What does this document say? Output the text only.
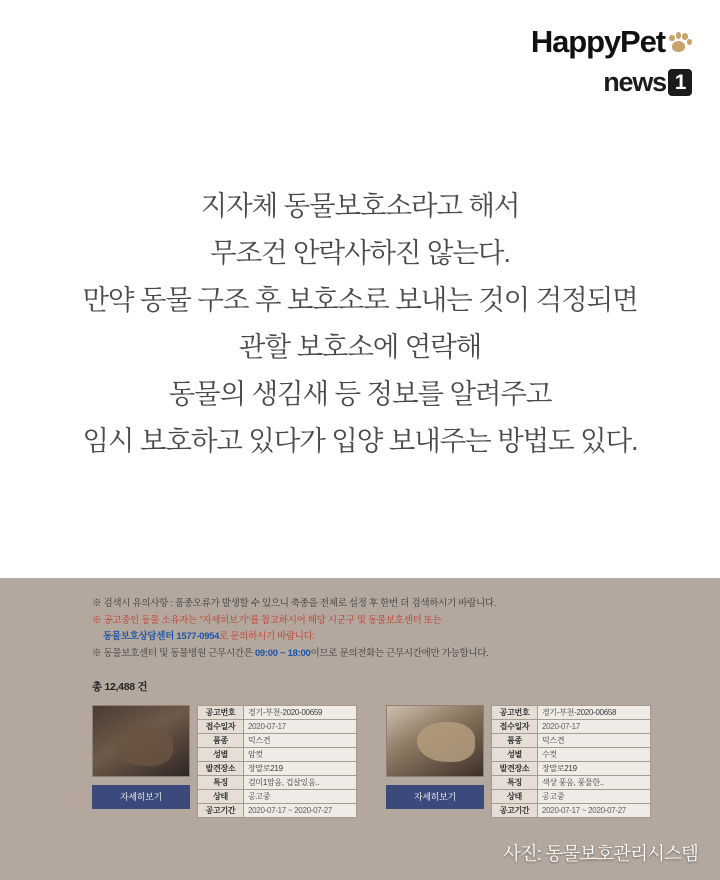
HappyPet
news 1
지자체 동물보호소라고 해서
무조건 안락사하진 않는다.
만약 동물 구조 후 보호소로 보내는 것이 걱정되면
관할 보호소에 연락해
동물의 생김새 등 정보를 알려주고
임시 보호하고 있다가 입양 보내주는 방법도 있다.
※ 검색시 유의사항 : 품종오류가 발생할 수 있으니 축종을 전체로 설정 후 한번 더 검색하시기 바랍니다.
※ 공고중인 동물 소유자는 "자세히보기"를 참고하시어 해당 시군구 및 동물보호센터 또는
동물보호상담센터 1577-0954로 문의하시기 바랍니다.
※ 동물보호센터 및 동물병원 근무시간은 09:00 ~ 18:00이므로 문의전화는 근무시간에만 가능합니다.
총 12,488 건
자세히보기
공고번호	경기-부천-2020-00659
접수일자	2020-07-17
품종	믹스견
성별	암컷
발견장소	장말로219
특징	검미1맘음, 겁살있음..
상태	공고중
공고기간	2020-07-17 ~ 2020-07-27
자세히보기
공고번호	경기-부천-2020-00658
접수일자	2020-07-17
품종	믹스견
성별	수컷
발견장소	장말로219
특징	색상 풍음, 풍물한..
상태	공고중
공고기간	2020-07-17 ~ 2020-07-27
사진: 동물보호관리시스템
